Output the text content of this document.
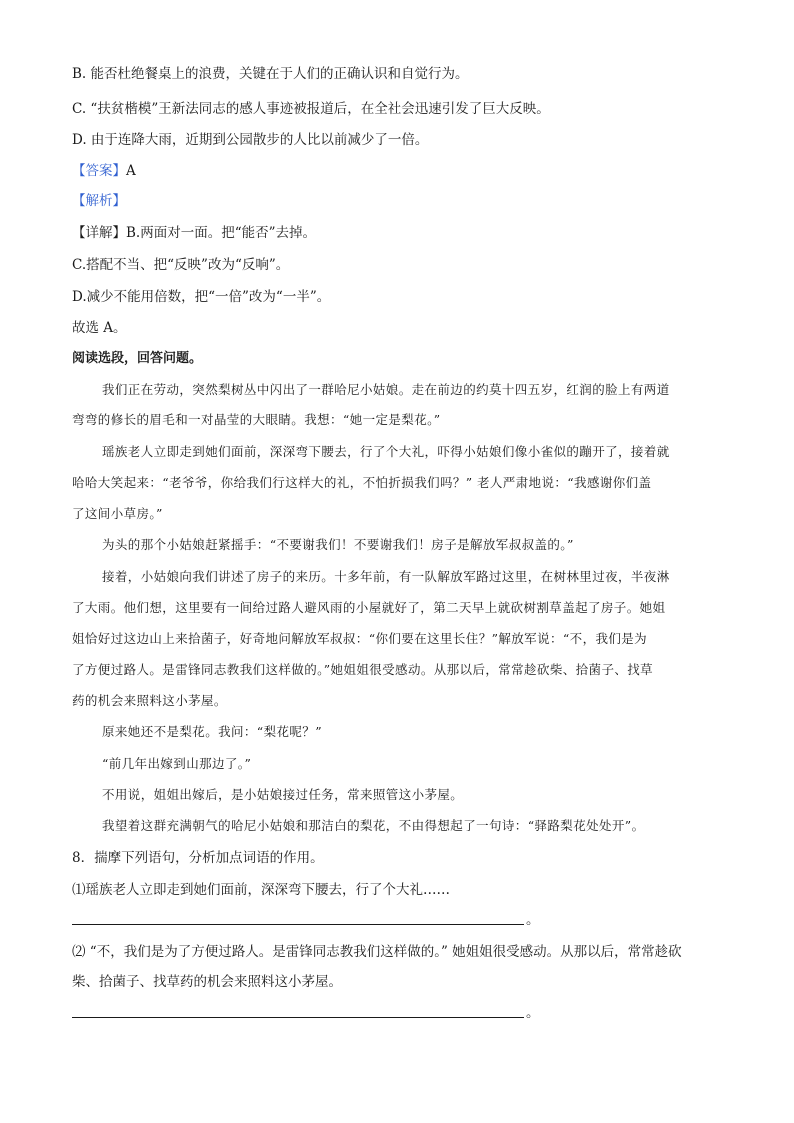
B. 能否杜绝餐桌上的浪费，关键在于人们的正确认识和自觉行为。
C. “扶贫楷模”王新法同志的感人事迹被报道后，在全社会迅速引发了巨大反映。
D. 由于连降大雨，近期到公园散步的人比以前减少了一倍。
【答案】A
【解析】
【详解】B.两面对一面。把“能否”去掉。
C.搭配不当、把“反映”改为“反响”。
D.减少不能用倍数，把“一倍”改为“一半”。
故选 A。
阅读选段，回答问题。
我们正在劳动，突然梨树丛中闪出了一群哈尼小姑娘。走在前边的约莫十四五岁，红润的脸上有两道
弯弯的修长的眉毛和一对晶莹的大眼睛。我想：“她一定是梨花。”
瑶族老人立即走到她们面前，深深弯下腰去，行了个大礼，吓得小姑娘们像小雀似的蹦开了，接着就
哈哈大笑起来：“老爷爷，你给我们行这样大的礼，不怕折损我们吗？” 老人严肃地说：“我感谢你们盖
了这间小草房。”
为头的那个小姑娘赶紧摇手：“不要谢我们！不要谢我们！房子是解放军叔叔盖的。”
接着，小姑娘向我们讲述了房子的来历。十多年前，有一队解放军路过这里，在树林里过夜，半夜淋
了大雨。他们想，这里要有一间给过路人避风雨的小屋就好了，第二天早上就砍树割草盖起了房子。她姐
姐恰好过这边山上来拾菌子，好奇地问解放军叔叔：“你们要在这里长住？”解放军说：“不，我们是为
了方便过路人。是雷锋同志教我们这样做的。”她姐姐很受感动。从那以后，常常趁砍柴、拾菌子、找草
药的机会来照料这小茅屋。
原来她还不是梨花。我问：“梨花呢？”
“前几年出嫁到山那边了。”
不用说，姐姐出嫁后，是小姑娘接过任务，常来照管这小茅屋。
我望着这群充满朝气的哈尼小姑娘和那洁白的梨花，不由得想起了一句诗：“驿路梨花处处开”。
8．揣摩下列语句，分析加点词语的作用。
⑴瑶族老人立即走到她们面前，深深弯下腰去，行了个大礼……
。
⑵ “不，我们是为了方便过路人。是雷锋同志教我们这样做的。” 她姐姐很受感动。从那以后，常常趁砍
柴、拾菌子、找草药的机会来照料这小茅屋。
。
